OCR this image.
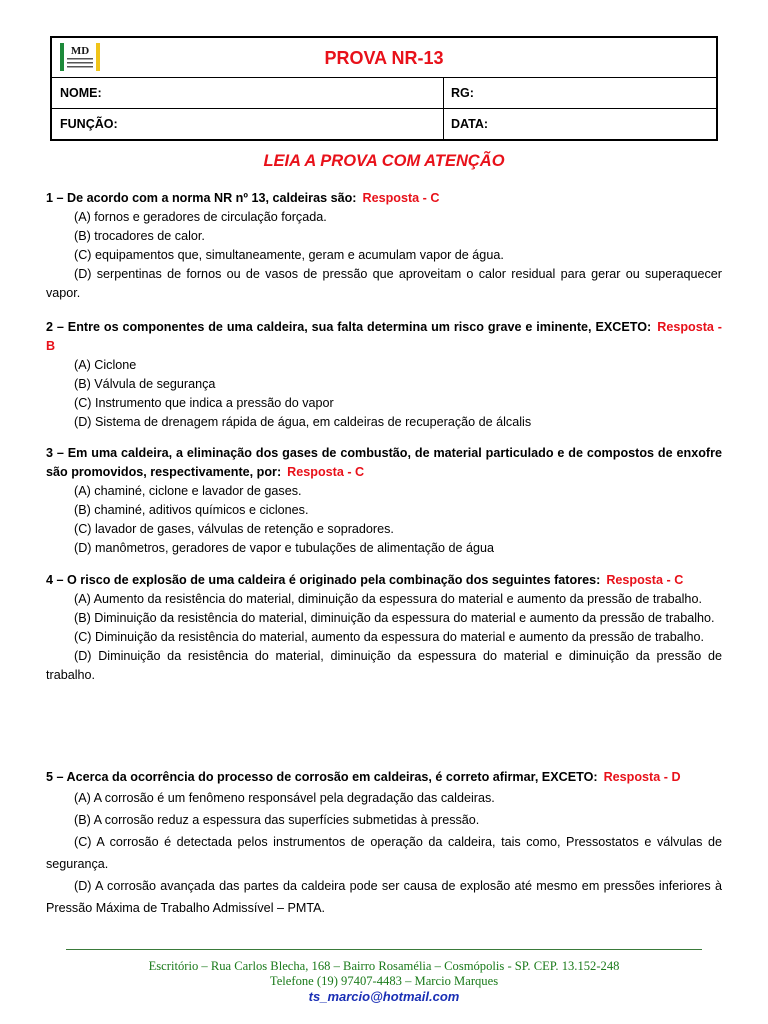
MD	PROVA NR-13
NOME:	RG:
FUNÇÃO:	DATA:
LEIA A PROVA COM ATENÇÃO
1 – De acordo com a norma NR nº 13, caldeiras são: Resposta - C
(A) fornos e geradores de circulação forçada.
(B) trocadores de calor.
(C) equipamentos que, simultaneamente, geram e acumulam vapor de água.
(D) serpentinas de fornos ou de vasos de pressão que aproveitam o calor residual para gerar ou superaquecer vapor.
2 – Entre os componentes de uma caldeira, sua falta determina um risco grave e iminente, EXCETO: Resposta - B
(A) Ciclone
(B) Válvula de segurança
(C) Instrumento que indica a pressão do vapor
(D) Sistema de drenagem rápida de água, em caldeiras de recuperação de álcalis
3 – Em uma caldeira, a eliminação dos gases de combustão, de material particulado e de compostos de enxofre são promovidos, respectivamente, por: Resposta - C
(A) chaminé, ciclone e lavador de gases.
(B) chaminé, aditivos químicos e ciclones.
(C) lavador de gases, válvulas de retenção e sopradores.
(D) manômetros, geradores de vapor e tubulações de alimentação de água
4 – O risco de explosão de uma caldeira é originado pela combinação dos seguintes fatores: Resposta - C
(A) Aumento da resistência do material, diminuição da espessura do material e aumento da pressão de trabalho.
(B) Diminuição da resistência do material, diminuição da espessura do material e aumento da pressão de trabalho.
(C) Diminuição da resistência do material, aumento da espessura do material e aumento da pressão de trabalho.
(D) Diminuição da resistência do material, diminuição da espessura do material e diminuição da pressão de trabalho.
5 – Acerca da ocorrência do processo de corrosão em caldeiras, é correto afirmar, EXCETO: Resposta - D
(A) A corrosão é um fenômeno responsável pela degradação das caldeiras.
(B) A corrosão reduz a espessura das superfícies submetidas à pressão.
(C) A corrosão é detectada pelos instrumentos de operação da caldeira, tais como, Pressostatos e válvulas de segurança.
(D) A corrosão avançada das partes da caldeira pode ser causa de explosão até mesmo em pressões inferiores à Pressão Máxima de Trabalho Admissível – PMTA.
Escritório – Rua Carlos Blecha, 168 – Bairro Rosamélia – Cosmópolis - SP. CEP. 13.152-248
Telefone (19) 97407-4483 – Marcio Marques
ts_marcio@hotmail.com
